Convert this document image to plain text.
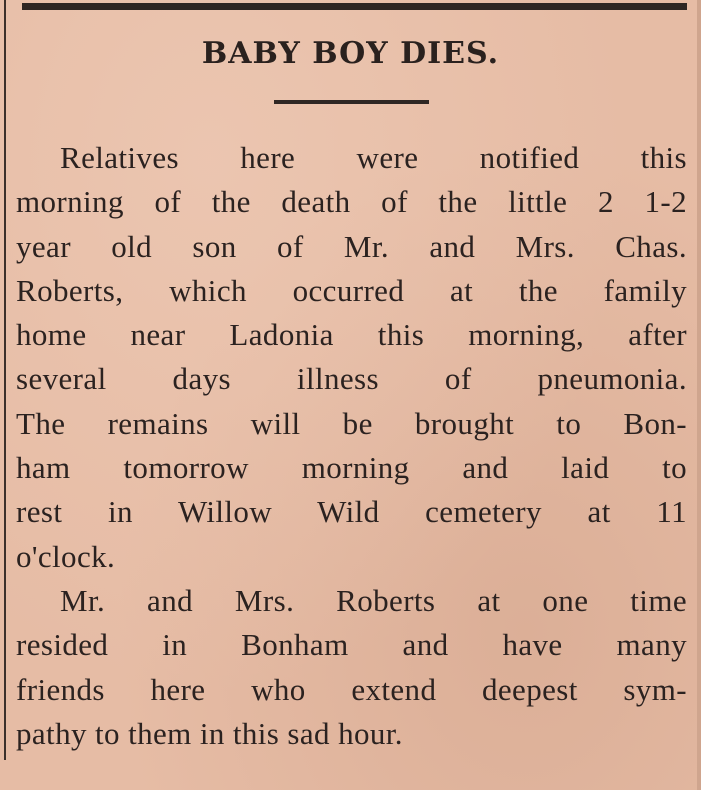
BABY BOY DIES.
Relatives here were notified this
morning of the death of the little 2 1-2
year old son of Mr. and Mrs. Chas.
Roberts, which occurred at the family
home near Ladonia this morning, after
several days illness of pneumonia.
The remains will be brought to Bon-
ham tomorrow morning and laid to
rest in Willow Wild cemetery at 11
o'clock.
Mr. and Mrs. Roberts at one time
resided in Bonham and have many
friends here who extend deepest sym-
pathy to them in this sad hour.
